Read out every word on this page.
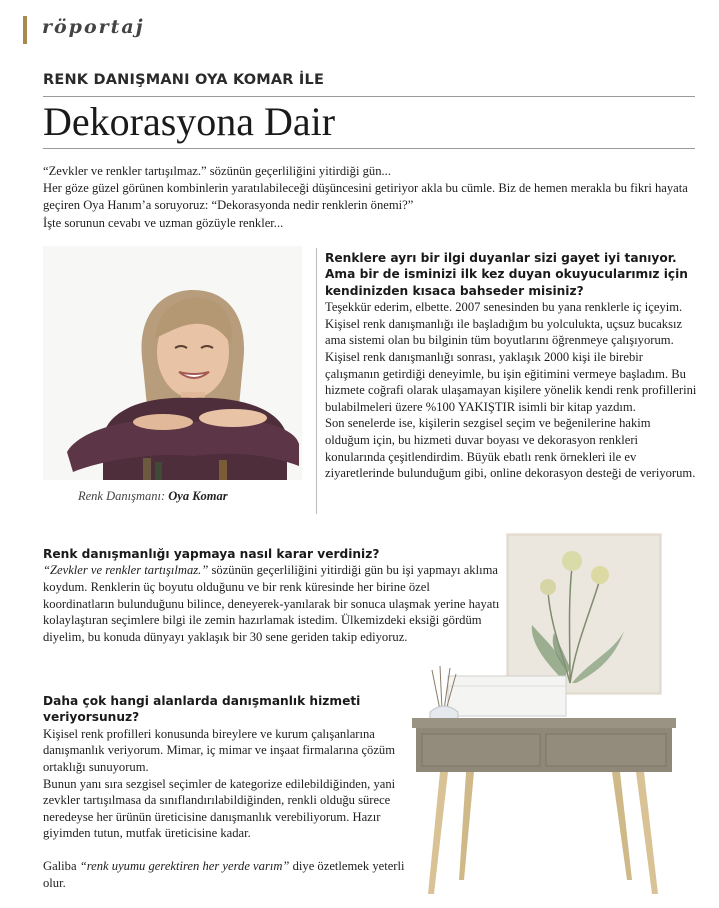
röportaj
RENK DANIŞMANI OYA KOMAR İLE
Dekorasyona Dair

“Zevkler ve renkler tartışılmaz.” sözünün geçerliliğini yitirdiği gün...

Her göze güzel görünen kombinlerin yaratılabileceği düşüncesini getiriyor akla bu cümle. Biz de hemen merakla bu fikri hayata geçiren Oya Hanım’a soruyoruz: “Dekorasyonda nedir renklerin önemi?”

İşte sorunun cevabı ve uzman gözüyle renkler...

Renk Danışmanı: Oya Komar

Renklere ayrı bir ilgi duyanlar sizi gayet iyi tanıyor. Ama bir de isminizi ilk kez duyan okuyucularımız için kendinizden kısaca bahseder misiniz?

Teşekkür ederim, elbette. 2007 senesinden bu yana renklerle iç içeyim. Kişisel renk danışmanlığı ile başladığım bu yolculukta, uçsuz bucaksız ama sistemi olan bu bilginin tüm boyutlarını öğrenmeye çalışıyorum.

Kişisel renk danışmanlığı sonrası, yaklaşık 2000 kişi ile birebir çalışmanın getirdiği deneyimle, bu işin eğitimini vermeye başladım. Bu hizmete coğrafi olarak ulaşamayan kişilere yönelik kendi renk profillerini bulabilmeleri üzere %100 YAKIŞTIR isimli bir kitap yazdım.

Son senelerde ise, kişilerin sezgisel seçim ve beğenilerine hakim olduğum için, bu hizmeti duvar boyası ve dekorasyon renkleri konularında çeşitlendirdim. Büyük ebatlı renk örnekleri ile ev ziyaretlerinde bulunduğum gibi, online dekorasyon desteği de veriyorum.

Renk danışmanlığı yapmaya nasıl karar verdiniz?

“Zevkler ve renkler tartışılmaz.” sözünün geçerliliğini yitirdiği gün bu işi yapmayı aklıma koydum. Renklerin üç boyutu olduğunu ve bir renk küresinde her birine özel koordinatların bulunduğunu bilince, deneyerek-yanılarak bir sonuca ulaşmak yerine hayatı kolaylaştıran seçimlere bilgi ile zemin hazırlamak istedim. Ülkemizdeki eksiği gördüm diyelim, bu konuda dünyayı yaklaşık bir 30 sene geriden takip ediyoruz.

Daha çok hangi alanlarda danışmanlık hizmeti veriyorsunuz?

Kişisel renk profilleri konusunda bireylere ve kurum çalışanlarına danışmanlık veriyorum. Mimar, iç mimar ve inşaat firmalarına çözüm ortaklığı sunuyorum.

Bunun yanı sıra sezgisel seçimler de kategorize edilebildiğinden, yani zevkler tartışılmasa da sınıflandırılabildiğinden, renkli olduğu sürece neredeyse her ürünün üreticisine danışmanlık verebiliyorum. Hazır giyimden tutun, mutfak üreticisine kadar.

Galiba “renk uyumu gerektiren her yerde varım” diye özetlemek yeterli olur.
